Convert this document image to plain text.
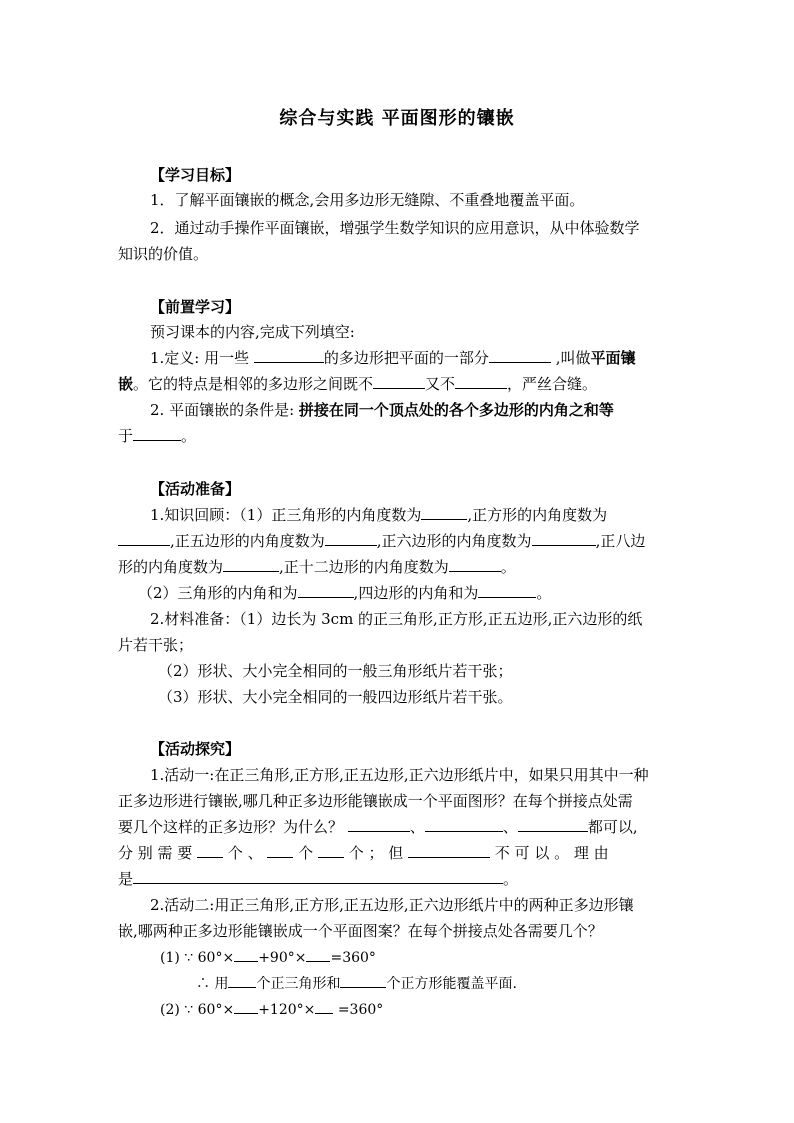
综合与实践 平面图形的镶嵌
【学习目标】
1．了解平面镶嵌的概念,会用多边形无缝隙、不重叠地覆盖平面。
2．通过动手操作平面镶嵌，增强学生数学知识的应用意识，从中体验数学
知识的价值。
【前置学习】
预习课本的内容,完成下列填空:
1.定义: 用一些	的多边形把平面的一部分	,叫做平面镶
嵌。它的特点是相邻的多边形之间既不	又不	，严丝合缝。
2. 平面镶嵌的条件是: 拼接在同一个顶点处的各个多边形的内角之和等
于	。
【活动准备】
1.知识回顾：（1）正三角形的内角度数为	,正方形的内角度数为
,正五边形的内角度数为	,正六边形的内角度数为	,正八边
形的内角度数为	,正十二边形的内角度数为	。
（2）三角形的内角和为	,四边形的内角和为	。
2.材料准备：（1）边长为 3cm 的正三角形,正方形,正五边形,正六边形的纸
片若干张；
（2）形状、大小完全相同的一般三角形纸片若干张；
（3）形状、大小完全相同的一般四边形纸片若干张。
【活动探究】
1.活动一:在正三角形,正方形,正五边形,正六边形纸片中，如果只用其中一种
正多边形进行镶嵌,哪几种正多边形能镶嵌成一个平面图形？在每个拼接点处需
要几个这样的正多边形？为什么？	、	、	都可以,
分 别 需 要  个 、  个  个 ； 但	不 可 以 。 理 由
是	。
2.活动二:用正三角形,正方形,正五边形,正六边形纸片中的两种正多边形镶
嵌,哪两种正多边形能镶嵌成一个平面图案？在每个拼接点处各需要几个？
(1) ∵ 60°× +90°× =360°
∴ 用 个正三角形和	个正方形能覆盖平面.
(2) ∵ 60°× +120°× =360°
